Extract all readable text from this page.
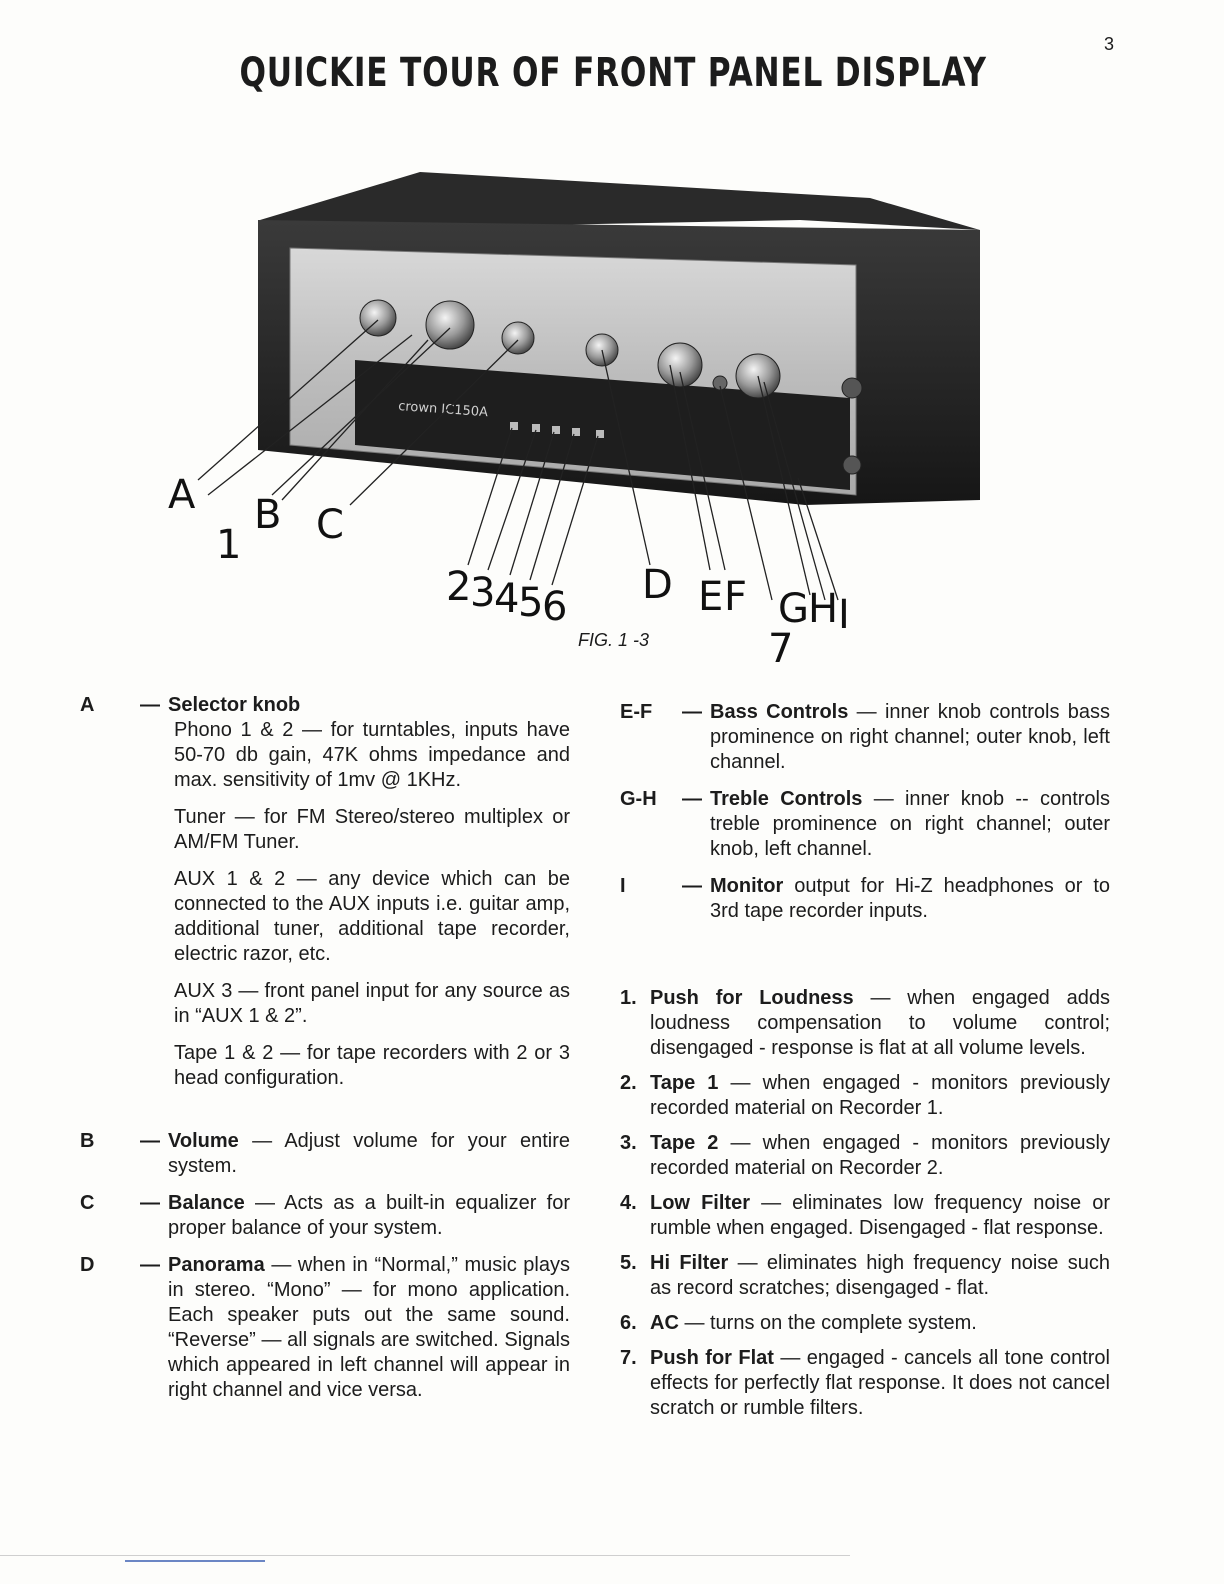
3
QUICKIE TOUR OF FRONT PANEL DISPLAY
crown IC150A
A
1
B C
2
3
4
5
6 D E F G H I
7
FIG. 1 -3
A	— Selector knob
Phono 1 & 2 — for turntables, inputs have 50-70 db gain, 47K ohms impedance and max. sensitivity of 1mv @ 1KHz.
Tuner — for FM Stereo/stereo multiplex or AM/FM Tuner.
AUX 1 & 2 — any device which can be connected to the AUX inputs i.e. guitar amp, additional tuner, additional tape recorder, electric razor, etc.
AUX 3 — front panel input for any source as in “AUX 1 & 2”.
Tape 1 & 2 — for tape recorders with 2 or 3 head configuration.
B	— Volume — Adjust volume for your entire system.
C	— Balance — Acts as a built-in equalizer for proper balance of your system.
D	— Panorama — when in “Normal,” music plays in stereo. “Mono” — for mono application. Each speaker puts out the same sound. “Reverse” — all signals are switched. Signals which appeared in left channel will appear in right channel and vice versa.
E-F	— Bass Controls — inner knob controls bass prominence on right channel; outer knob, left channel.
G-H	— Treble Controls — inner knob -- controls treble prominence on right channel; outer knob, left channel.
I	— Monitor output for Hi-Z headphones or to 3rd tape recorder inputs.
1. Push for Loudness — when engaged adds loudness compensation to volume control; disengaged - response is flat at all volume levels.
2. Tape 1 — when engaged - monitors previously recorded material on Recorder 1.
3. Tape 2 — when engaged - monitors previously recorded material on Recorder 2.
4. Low Filter — eliminates low frequency noise or rumble when engaged. Disengaged - flat response.
5. Hi Filter — eliminates high frequency noise such as record scratches; disengaged - flat.
6. AC — turns on the complete system.
7. Push for Flat — engaged - cancels all tone control effects for perfectly flat response. It does not cancel scratch or rumble filters.
